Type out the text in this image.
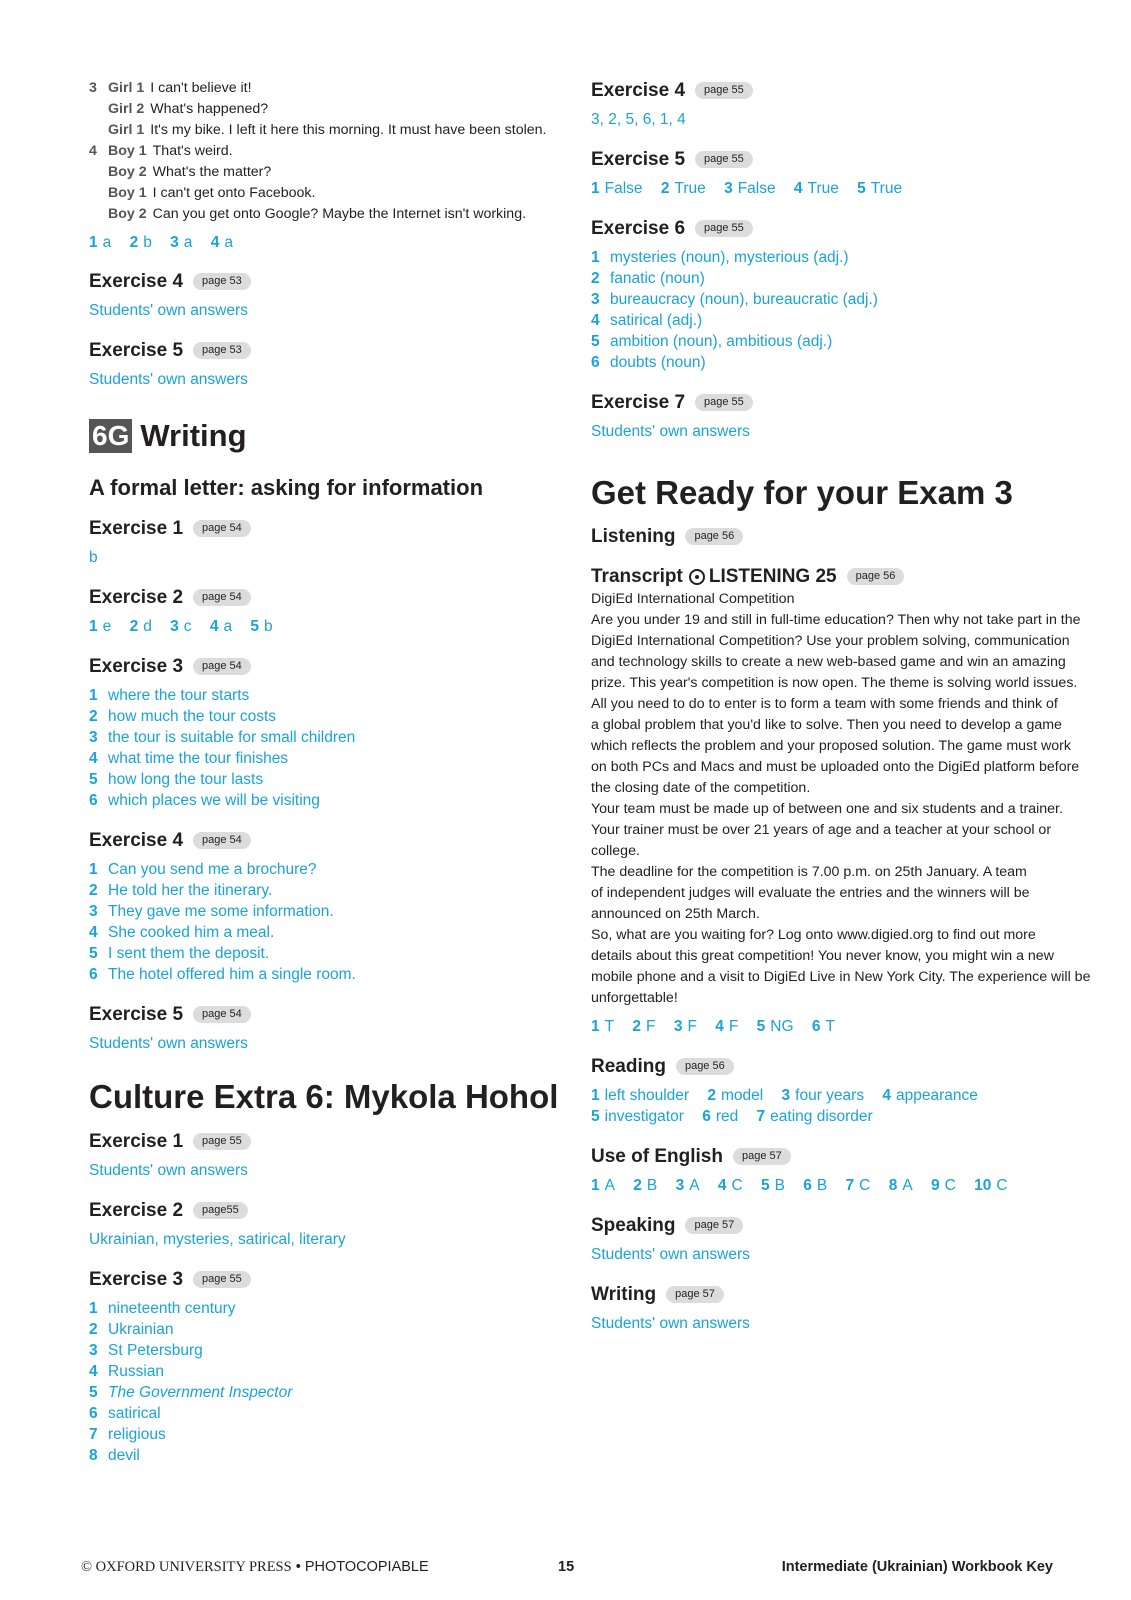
3 Girl 1 I can't believe it!
Girl 2 What's happened?
Girl 1 It's my bike. I left it here this morning. It must have been stolen.
4 Boy 1 That's weird.
Boy 2 What's the matter?
Boy 1 I can't get onto Facebook.
Boy 2 Can you get onto Google? Maybe the Internet isn't working.
1 a 2 b 3 a 4 a
Exercise 4	page 53
Students' own answers
Exercise 5	page 53
Students' own answers
6G Writing
A formal letter: asking for information
Exercise 1	page 54
b
Exercise 2	page 54
1 e 2 d 3 c 4 a 5 b
Exercise 3	page 54
1 where the tour starts
2 how much the tour costs
3 the tour is suitable for small children
4 what time the tour finishes
5 how long the tour lasts
6 which places we will be visiting
Exercise 4	page 54
1 Can you send me a brochure?
2 He told her the itinerary.
3 They gave me some information.
4 She cooked him a meal.
5 I sent them the deposit.
6 The hotel offered him a single room.
Exercise 5	page 54
Students' own answers
Culture Extra 6: Mykola Hohol
Exercise 1	page 55
Students' own answers
Exercise 2	page55
Ukrainian, mysteries, satirical, literary
Exercise 3	page 55
1 nineteenth century
2 Ukrainian
3 St Petersburg
4 Russian
5 The Government Inspector
6 satirical
7 religious
8 devil
Exercise 4	page 55
3, 2, 5, 6, 1, 4
Exercise 5	page 55
1 False 2 True 3 False 4 True 5 True
Exercise 6	page 55
1 mysteries (noun), mysterious (adj.)
2 fanatic (noun)
3 bureaucracy (noun), bureaucratic (adj.)
4 satirical (adj.)
5 ambition (noun), ambitious (adj.)
6 doubts (noun)
Exercise 7	page 55
Students' own answers
Get Ready for your Exam 3
Listening	page 56
Transcript LISTENING 25	page 56
DigiEd International Competition
Are you under 19 and still in full-time education? Then why not take part in the
DigiEd International Competition? Use your problem solving, communication
and technology skills to create a new web-based game and win an amazing
prize. This year's competition is now open. The theme is solving world issues.
All you need to do to enter is to form a team with some friends and think of
a global problem that you'd like to solve. Then you need to develop a game
which reflects the problem and your proposed solution. The game must work
on both PCs and Macs and must be uploaded onto the DigiEd platform before
the closing date of the competition.
Your team must be made up of between one and six students and a trainer.
Your trainer must be over 21 years of age and a teacher at your school or
college.
The deadline for the competition is 7.00 p.m. on 25th January. A team
of independent judges will evaluate the entries and the winners will be
announced on 25th March.
So, what are you waiting for? Log onto www.digied.org to find out more
details about this great competition! You never know, you might win a new
mobile phone and a visit to DigiEd Live in New York City. The experience will be
unforgettable!
1 T 2 F 3 F 4 F 5 NG 6 T
Reading	page 56
1 left shoulder 2 model 3 four years 4 appearance
5 investigator 6 red 7 eating disorder
Use of English	page 57
1 A 2 B 3 A 4 C 5 B 6 B 7 C 8 A 9 C 10 C
Speaking	page 57
Students' own answers
Writing	page 57
Students' own answers
© OXFORD UNIVERSITY PRESS • PHOTOCOPIABLE	15	Intermediate (Ukrainian) Workbook Key
